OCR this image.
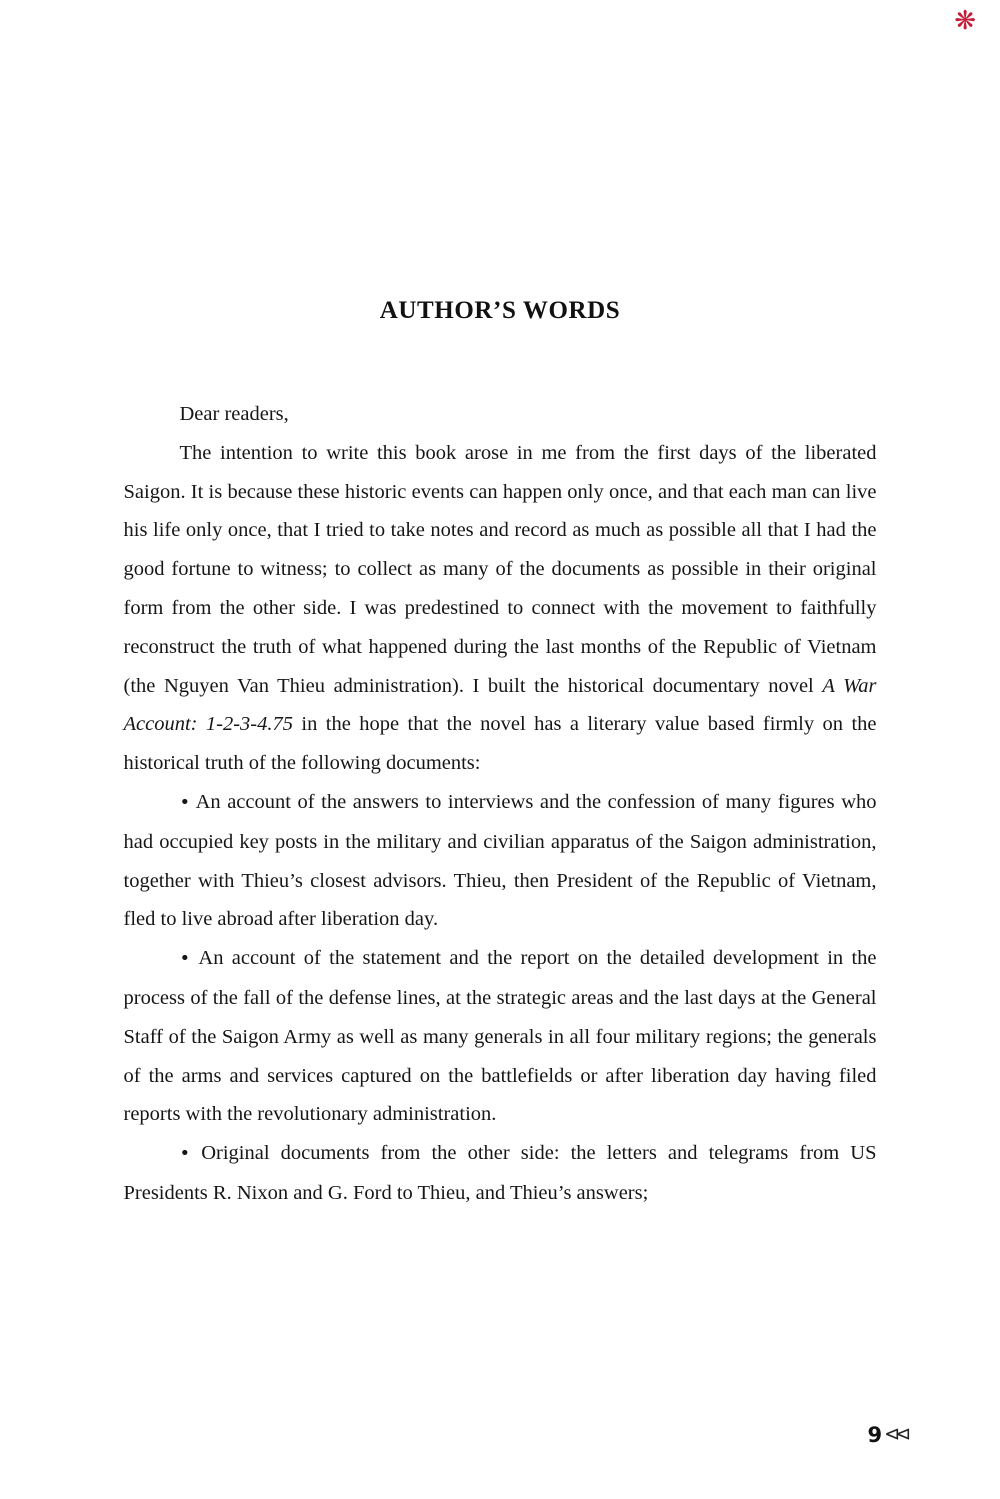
❋
AUTHOR’S WORDS

Dear readers,

The intention to write this book arose in me from the first days of the liberated Saigon. It is because these historic events can happen only once, and that each man can live his life only once, that I tried to take notes and record as much as possible all that I had the good fortune to witness; to collect as many of the documents as possible in their original form from the other side. I was predestined to connect with the movement to faithfully reconstruct the truth of what happened during the last months of the Republic of Vietnam (the Nguyen Van Thieu administration). I built the historical documentary novel A War Account: 1-2-3-4.75 in the hope that the novel has a literary value based firmly on the historical truth of the following documents:

• An account of the answers to interviews and the confession of many figures who had occupied key posts in the military and civilian apparatus of the Saigon administration, together with Thieu’s closest advisors. Thieu, then President of the Republic of Vietnam, fled to live abroad after liberation day.

• An account of the statement and the report on the detailed development in the process of the fall of the defense lines, at the strategic areas and the last days at the General Staff of the Saigon Army as well as many generals in all four military regions; the generals of the arms and services captured on the battlefields or after liberation day having filed reports with the revolutionary administration.

• Original documents from the other side: the letters and telegrams from US Presidents R. Nixon and G. Ford to Thieu, and Thieu’s answers;

9 ⊲⊲
